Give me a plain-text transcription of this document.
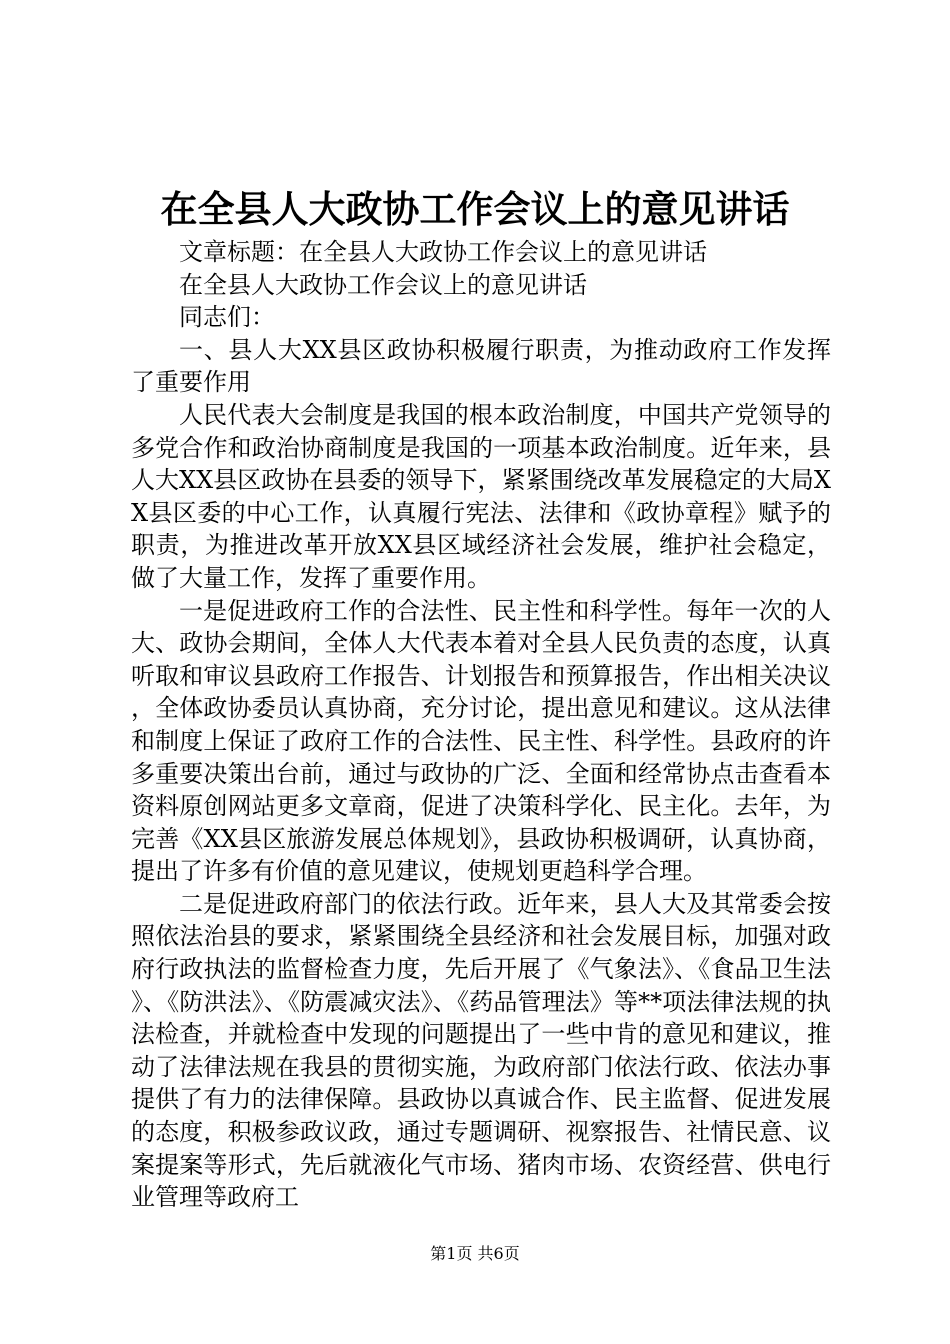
在全县人大政协工作会议上的意见讲话

文章标题：在全县人大政协工作会议上的意见讲话

在全县人大政协工作会议上的意见讲话

同志们：

一、县人大XX县区政协积极履行职责，为推动政府工作发挥了重要作用

人民代表大会制度是我国的根本政治制度，中国共产党领导的多党合作和政治协商制度是我国的一项基本政治制度。近年来，县人大XX县区政协在县委的领导下，紧紧围绕改革发展稳定的大局XX县区委的中心工作，认真履行宪法、法律和《政协章程》赋予的职责，为推进改革开放XX县区域经济社会发展，维护社会稳定，做了大量工作，发挥了重要作用。

一是促进政府工作的合法性、民主性和科学性。每年一次的人大、政协会期间，全体人大代表本着对全县人民负责的态度，认真听取和审议县政府工作报告、计划报告和预算报告，作出相关决议，全体政协委员认真协商，充分讨论，提出意见和建议。这从法律和制度上保证了政府工作的合法性、民主性、科学性。县政府的许多重要决策出台前，通过与政协的广泛、全面和经常协点击查看本资料原创网站更多文章商，促进了决策科学化、民主化。去年，为完善《XX县区旅游发展总体规划》，县政协积极调研，认真协商，提出了许多有价值的意见建议，使规划更趋科学合理。

二是促进政府部门的依法行政。近年来，县人大及其常委会按照依法治县的要求，紧紧围绕全县经济和社会发展目标，加强对政府行政执法的监督检查力度，先后开展了《气象法》、《食品卫生法》、《防洪法》、《防震减灾法》、《药品管理法》等**项法律法规的执法检查，并就检查中发现的问题提出了一些中肯的意见和建议，推动了法律法规在我县的贯彻实施，为政府部门依法行政、依法办事提供了有力的法律保障。县政协以真诚合作、民主监督、促进发展的态度，积极参政议政，通过专题调研、视察报告、社情民意、议案提案等形式，先后就液化气市场、猪肉市场、农资经营、供电行业管理等政府工

第1页 共6页
